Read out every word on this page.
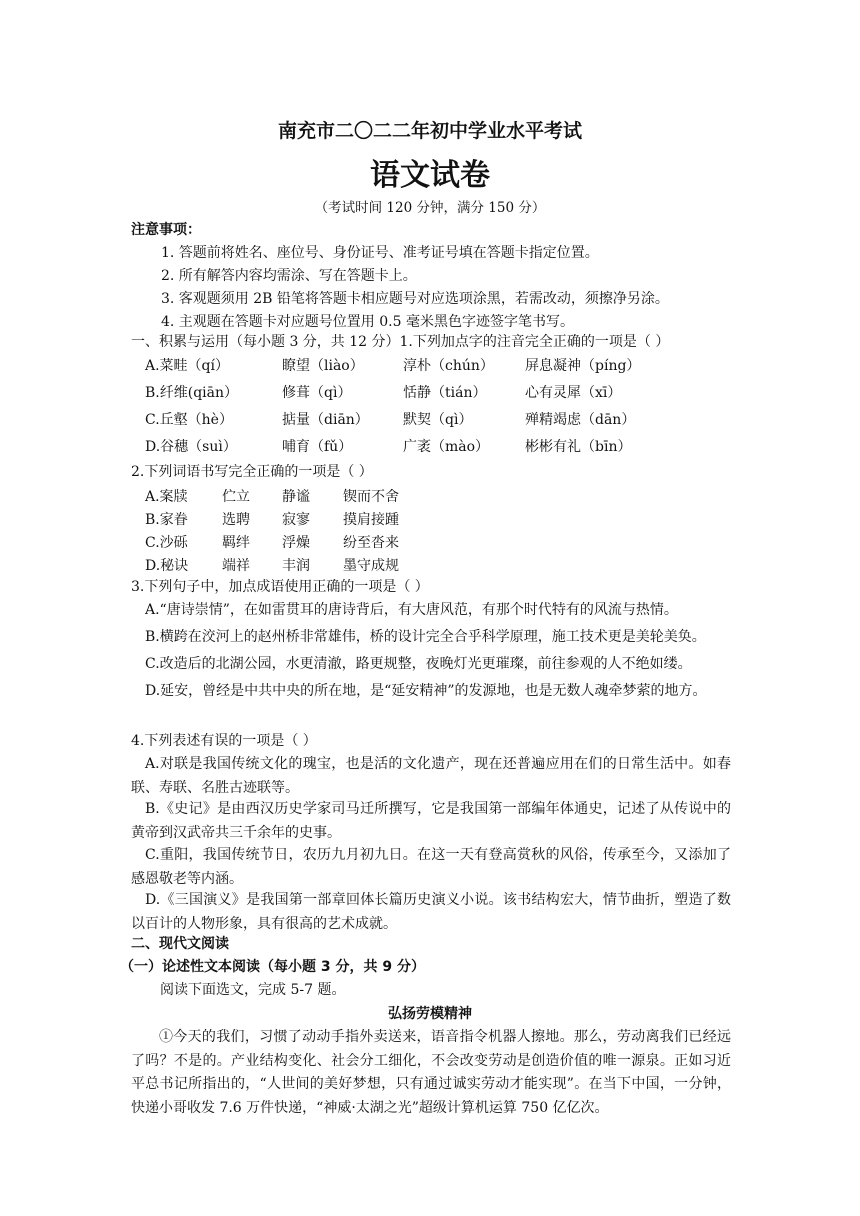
南充市二〇二二年初中学业水平考试
语文试卷
（考试时间 120 分钟，满分 150 分）
注意事项：
1. 答题前将姓名、座位号、身份证号、准考证号填在答题卡指定位置。
2. 所有解答内容均需涂、写在答题卡上。
3. 客观题须用 2B 铅笔将答题卡相应题号对应选项涂黑，若需改动，须擦净另涂。
4. 主观题在答题卡对应题号位置用 0.5 毫米黑色字迹签字笔书写。
一、积累与运用（每小题 3 分，共 12 分）1.下列加点字的注音完全正确的一项是（ ）
A.菜畦（qí）	瞭望（liào）	淳朴（chún） 屏息凝神（píng）
B.纤维(qiān）	修葺（qì）	恬静（tián）	心有灵犀（xī）
C.丘壑（hè）	掂量（diān） 默契（qì）	殚精竭虑（dān）
D.谷穗（suì）	哺育（fǔ）	广袤（mào）	彬彬有礼（bīn）
2.下列词语书写完全正确的一项是（ ）
A.案牍 伫立 静谧 锲而不舍
B.家眷 选聘 寂寥 摸肩接踵
C.沙砾 羁绊 浮燥 纷至沓来
D.秘诀 端祥 丰润 墨守成规
3.下列句子中，加点成语使用正确的一项是（ ）
A.“唐诗崇情”，在如雷贯耳的唐诗背后，有大唐风范，有那个时代特有的风流与热情。
B.横跨在洨河上的赵州桥非常雄伟，桥的设计完全合乎科学原理，施工技术更是美轮美奂。
C.改造后的北湖公园，水更清澈，路更规整，夜晚灯光更璀璨，前往参观的人不绝如缕。
D.延安，曾经是中共中央的所在地，是“延安精神”的发源地，也是无数人魂牵梦萦的地方。
4.下列表述有误的一项是（ ）
A.对联是我国传统文化的瑰宝，也是活的文化遗产，现在还普遍应用在们的日常生活中。如春联、寿联、名胜古迹联等。
B.《史记》是由西汉历史学家司马迁所撰写，它是我国第一部编年体通史，记述了从传说中的黄帝到汉武帝共三千余年的史事。
C.重阳，我国传统节日，农历九月初九日。在这一天有登高赏秋的风俗，传承至今，又添加了感恩敬老等内涵。
D.《三国演义》是我国第一部章回体长篇历史演义小说。该书结构宏大，情节曲折，塑造了数以百计的人物形象，具有很高的艺术成就。
二、现代文阅读
（一）论述性文本阅读（每小题 3 分，共 9 分）
阅读下面选文，完成 5-7 题。
弘扬劳模精神
①今天的我们，习惯了动动手指外卖送来，语音指令机器人擦地。那么，劳动离我们已经远了吗？不是的。产业结构变化、社会分工细化，不会改变劳动是创造价值的唯一源泉。正如习近平总书记所指出的，“人世间的美好梦想，只有通过诚实劳动才能实现”。在当下中国，一分钟，快递小哥收发 7.6 万件快递，“神威·太湖之光”超级计算机运算 750 亿亿次。
